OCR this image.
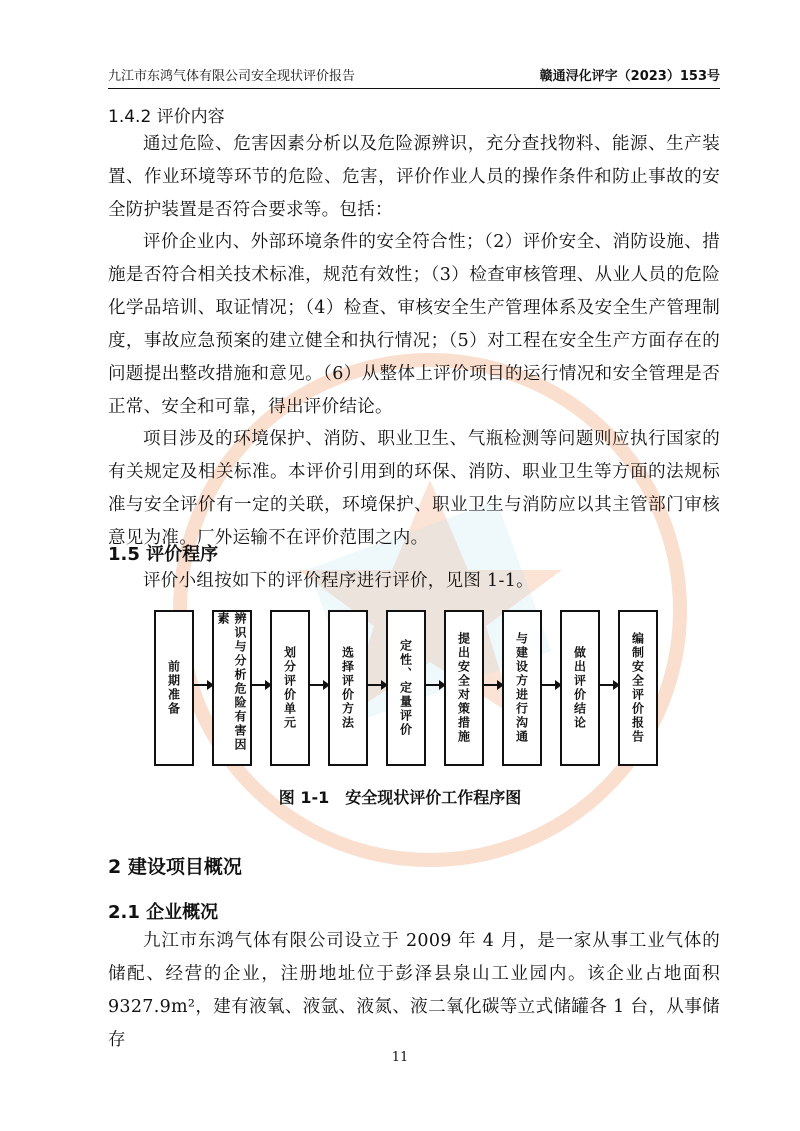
九江市东鸿气体有限公司安全现状评价报告	赣通浔化评字（2023）153号
1.4.2 评价内容
通过危险、危害因素分析以及危险源辨识，充分查找物料、能源、生产装置、作业环境等环节的危险、危害，评价作业人员的操作条件和防止事故的安全防护装置是否符合要求等。包括：
评价企业内、外部环境条件的安全符合性；（2）评价安全、消防设施、措施是否符合相关技术标准，规范有效性；（3）检查审核管理、从业人员的危险化学品培训、取证情况；（4）检查、审核安全生产管理体系及安全生产管理制度，事故应急预案的建立健全和执行情况；（5）对工程在安全生产方面存在的问题提出整改措施和意见。（6）从整体上评价项目的运行情况和安全管理是否正常、安全和可靠，得出评价结论。
项目涉及的环境保护、消防、职业卫生、气瓶检测等问题则应执行国家的有关规定及相关标准。本评价引用到的环保、消防、职业卫生等方面的法规标准与安全评价有一定的关联，环境保护、职业卫生与消防应以其主管部门审核意见为准。厂外运输不在评价范围之内。
1.5 评价程序
评价小组按如下的评价程序进行评价，见图 1-1。
前期准备	辨识与分析危险有害因素
划分评价单元	选择评价方法	定性、定量评价	提出安全对策措施	与建设方进行沟通	做出评价结论	编制安全评价报告
图 1-1　安全现状评价工作程序图
2 建设项目概况
2.1 企业概况
九江市东鸿气体有限公司设立于 2009 年 4 月，是一家从事工业气体的储配、经营的企业，注册地址位于彭泽县泉山工业园内。该企业占地面积 9327.9m²，建有液氧、液氩、液氮、液二氧化碳等立式储罐各 1 台，从事储存
11
